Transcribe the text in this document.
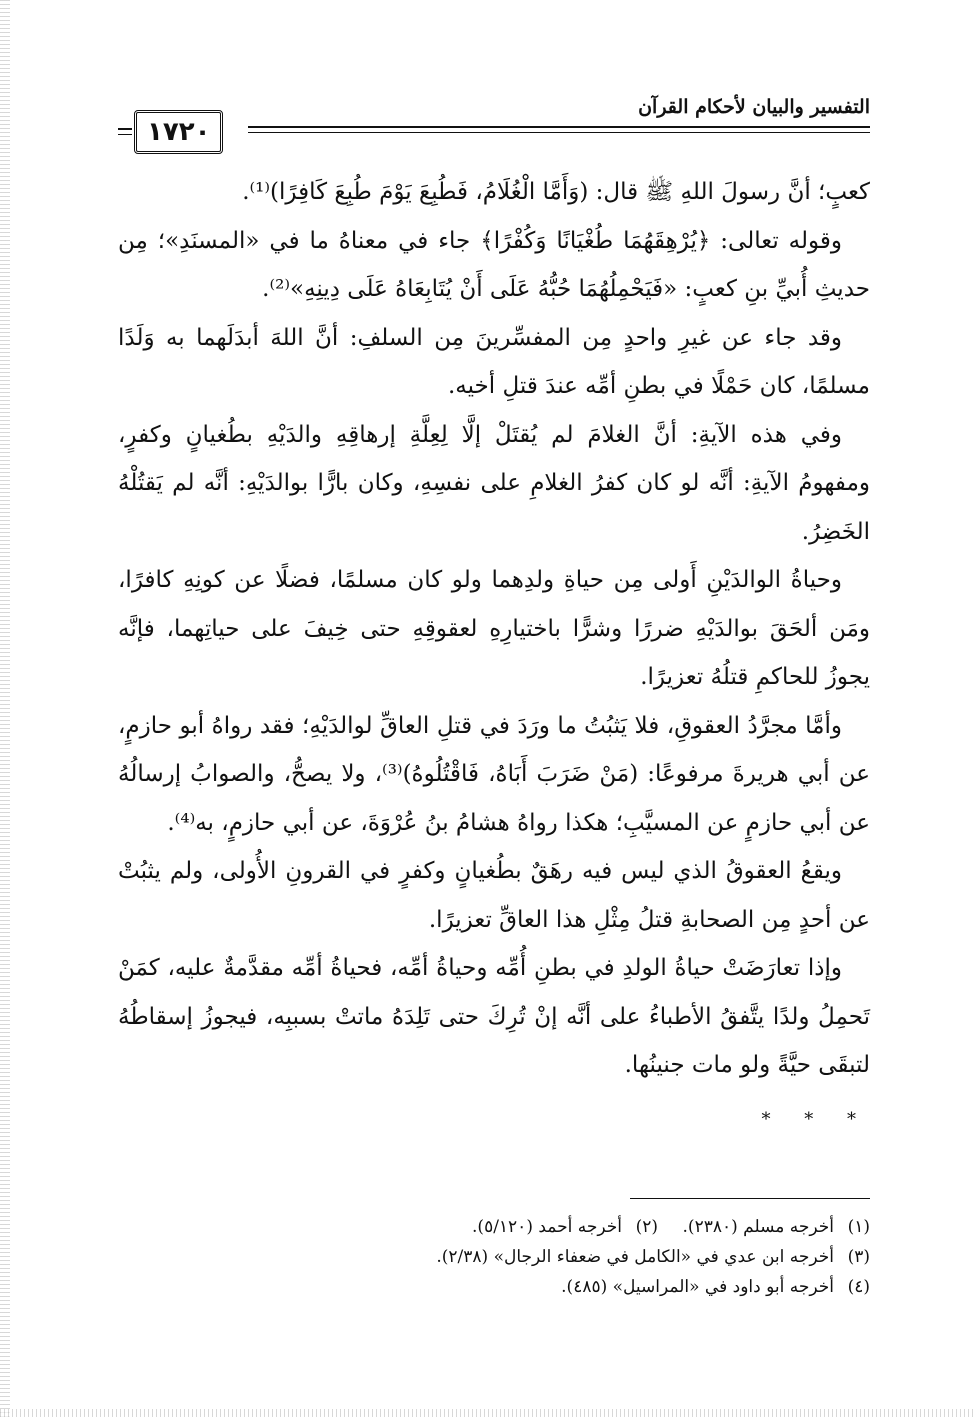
التفسير والبيان لأحكام القرآن
١٧٢٠

كعبٍ؛ أنَّ رسولَ اللهِ ﷺ قال: (وَأَمَّا الْغُلَامُ، فَطُبِعَ يَوْمَ طُبِعَ كَافِرًا)⁽¹⁾.

وقوله تعالى: ﴿يُرْهِقَهُمَا طُغْيَانًا وَكُفْرًا﴾ جاء في معناهُ ما في «المسنَدِ»؛ مِن حديثِ أُبيِّ بنِ كعبٍ: «فَيَحْمِلُهُمَا حُبُّهُ عَلَى أَنْ يُتَابِعَاهُ عَلَى دِينِهِ»⁽²⁾.

وقد جاء عن غيرِ واحدٍ مِن المفسِّرينَ مِن السلفِ: أنَّ اللهَ أبدَلَهما به وَلَدًا مسلمًا، كان حَمْلًا في بطنِ أمِّه عندَ قتلِ أخيه.

وفي هذه الآيةِ: أنَّ الغلامَ لم يُقتَلْ إلَّا لِعِلَّةِ إرهاقِهِ والدَيْهِ بطُغيانٍ وكفرٍ، ومفهومُ الآيةِ: أنَّه لو كان كفرُ الغلامِ على نفسِهِ، وكان بارًّا بوالدَيْهِ: أنَّه لم يَقتُلْهُ الخَضِرُ.

وحياةُ الوالدَيْنِ أَولى مِن حياةِ ولدِهما ولو كان مسلمًا، فضلًا عن كونِهِ كافرًا، ومَن ألحَقَ بوالدَيْهِ ضررًا وشرًّا باختيارِهِ لعقوقِهِ حتى خِيفَ على حياتِهما، فإنَّه يجوزُ للحاكمِ قتلُهُ تعزيرًا.

وأمَّا مجرَّدُ العقوقِ، فلا يَثبُتُ ما ورَدَ في قتلِ العاقِّ لوالدَيْهِ؛ فقد رواهُ أبو حازمٍ، عن أبي هريرةَ مرفوعًا: (مَنْ ضَرَبَ أَبَاهُ، فَاقْتُلُوهُ)⁽³⁾، ولا يصحُّ، والصوابُ إرسالُهُ عن أبي حازمٍ عن المسيَّبِ؛ هكذا رواهُ هشامُ بنُ عُرْوَةَ، عن أبي حازمٍ، به⁽⁴⁾.

ويقعُ العقوقُ الذي ليس فيه رهَقٌ بطُغيانٍ وكفرٍ في القرونِ الأُولى، ولم يثبُتْ عن أحدٍ مِن الصحابةِ قتلُ مِثْلِ هذا العاقِّ تعزيرًا.

وإذا تعارَضَتْ حياةُ الولدِ في بطنِ أُمِّه وحياةُ أمِّه، فحياةُ أمِّه مقدَّمةٌ عليه، كمَنْ تَحمِلُ ولدًا يتَّفقُ الأطباءُ على أنَّه إنْ تُرِكَ حتى تَلِدَهُ ماتتْ بسببِه، فيجوزُ إسقاطُهُ لتبقَى حيَّةً ولو مات جنينُها.

* * *
(١)أخرجه مسلم (٢٣٨٠).
(٢)أخرجه أحمد (٥/١٢٠).
(٣)أخرجه ابن عدي في «الكامل في ضعفاء الرجال» (٢/٣٨).
(٤)أخرجه أبو داود في «المراسيل» (٤٨٥).
